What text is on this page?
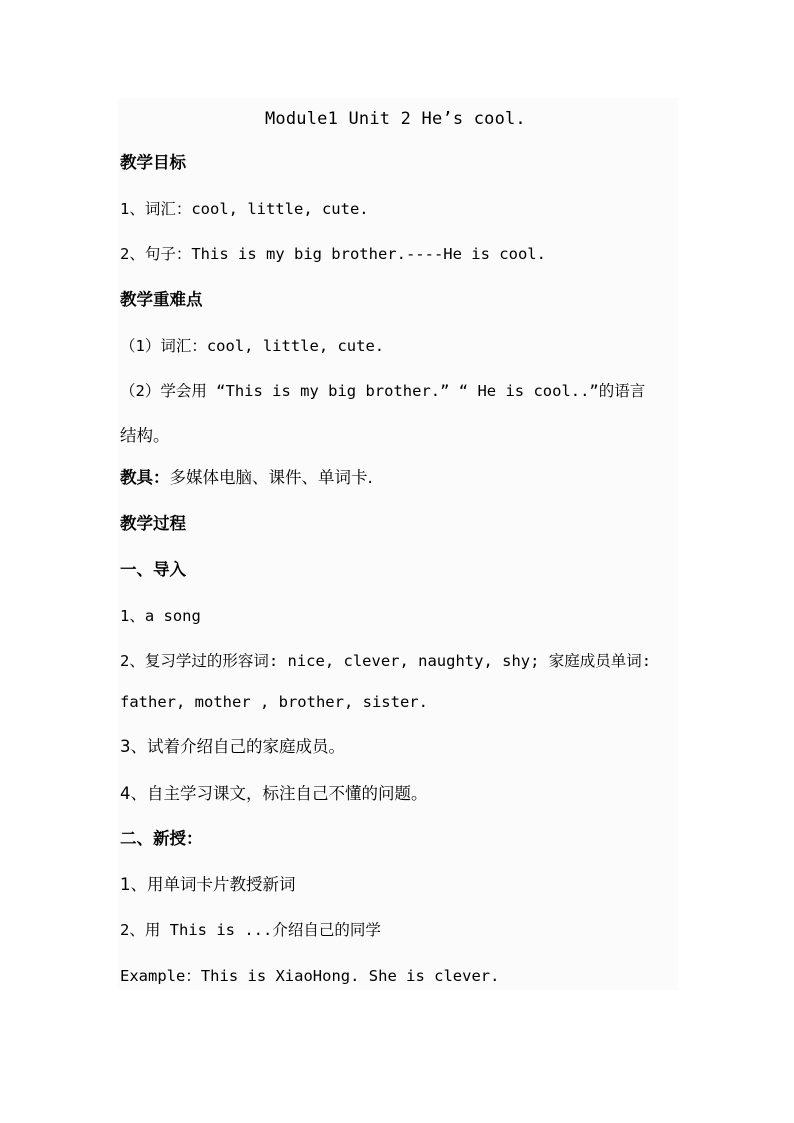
Module1 Unit 2 He’s cool.
教学目标
1、词汇：cool, little, cute.
2、句子：This is my big brother.----He is cool.
教学重难点
（1）词汇：cool, little, cute.
（2）学会用 “This is my big brother.” “ He is cool..”的语言
结构。
教具：多媒体电脑、课件、单词卡.
教学过程
一、导入
1、a song
2、复习学过的形容词: nice, clever, naughty, shy; 家庭成员单词:
father, mother , brother, sister.
3、试着介绍自己的家庭成员。
4、自主学习课文，标注自己不懂的问题。
二、新授：
1、用单词卡片教授新词
2、用 This is ...介绍自己的同学
Example：This is XiaoHong. She is clever.
